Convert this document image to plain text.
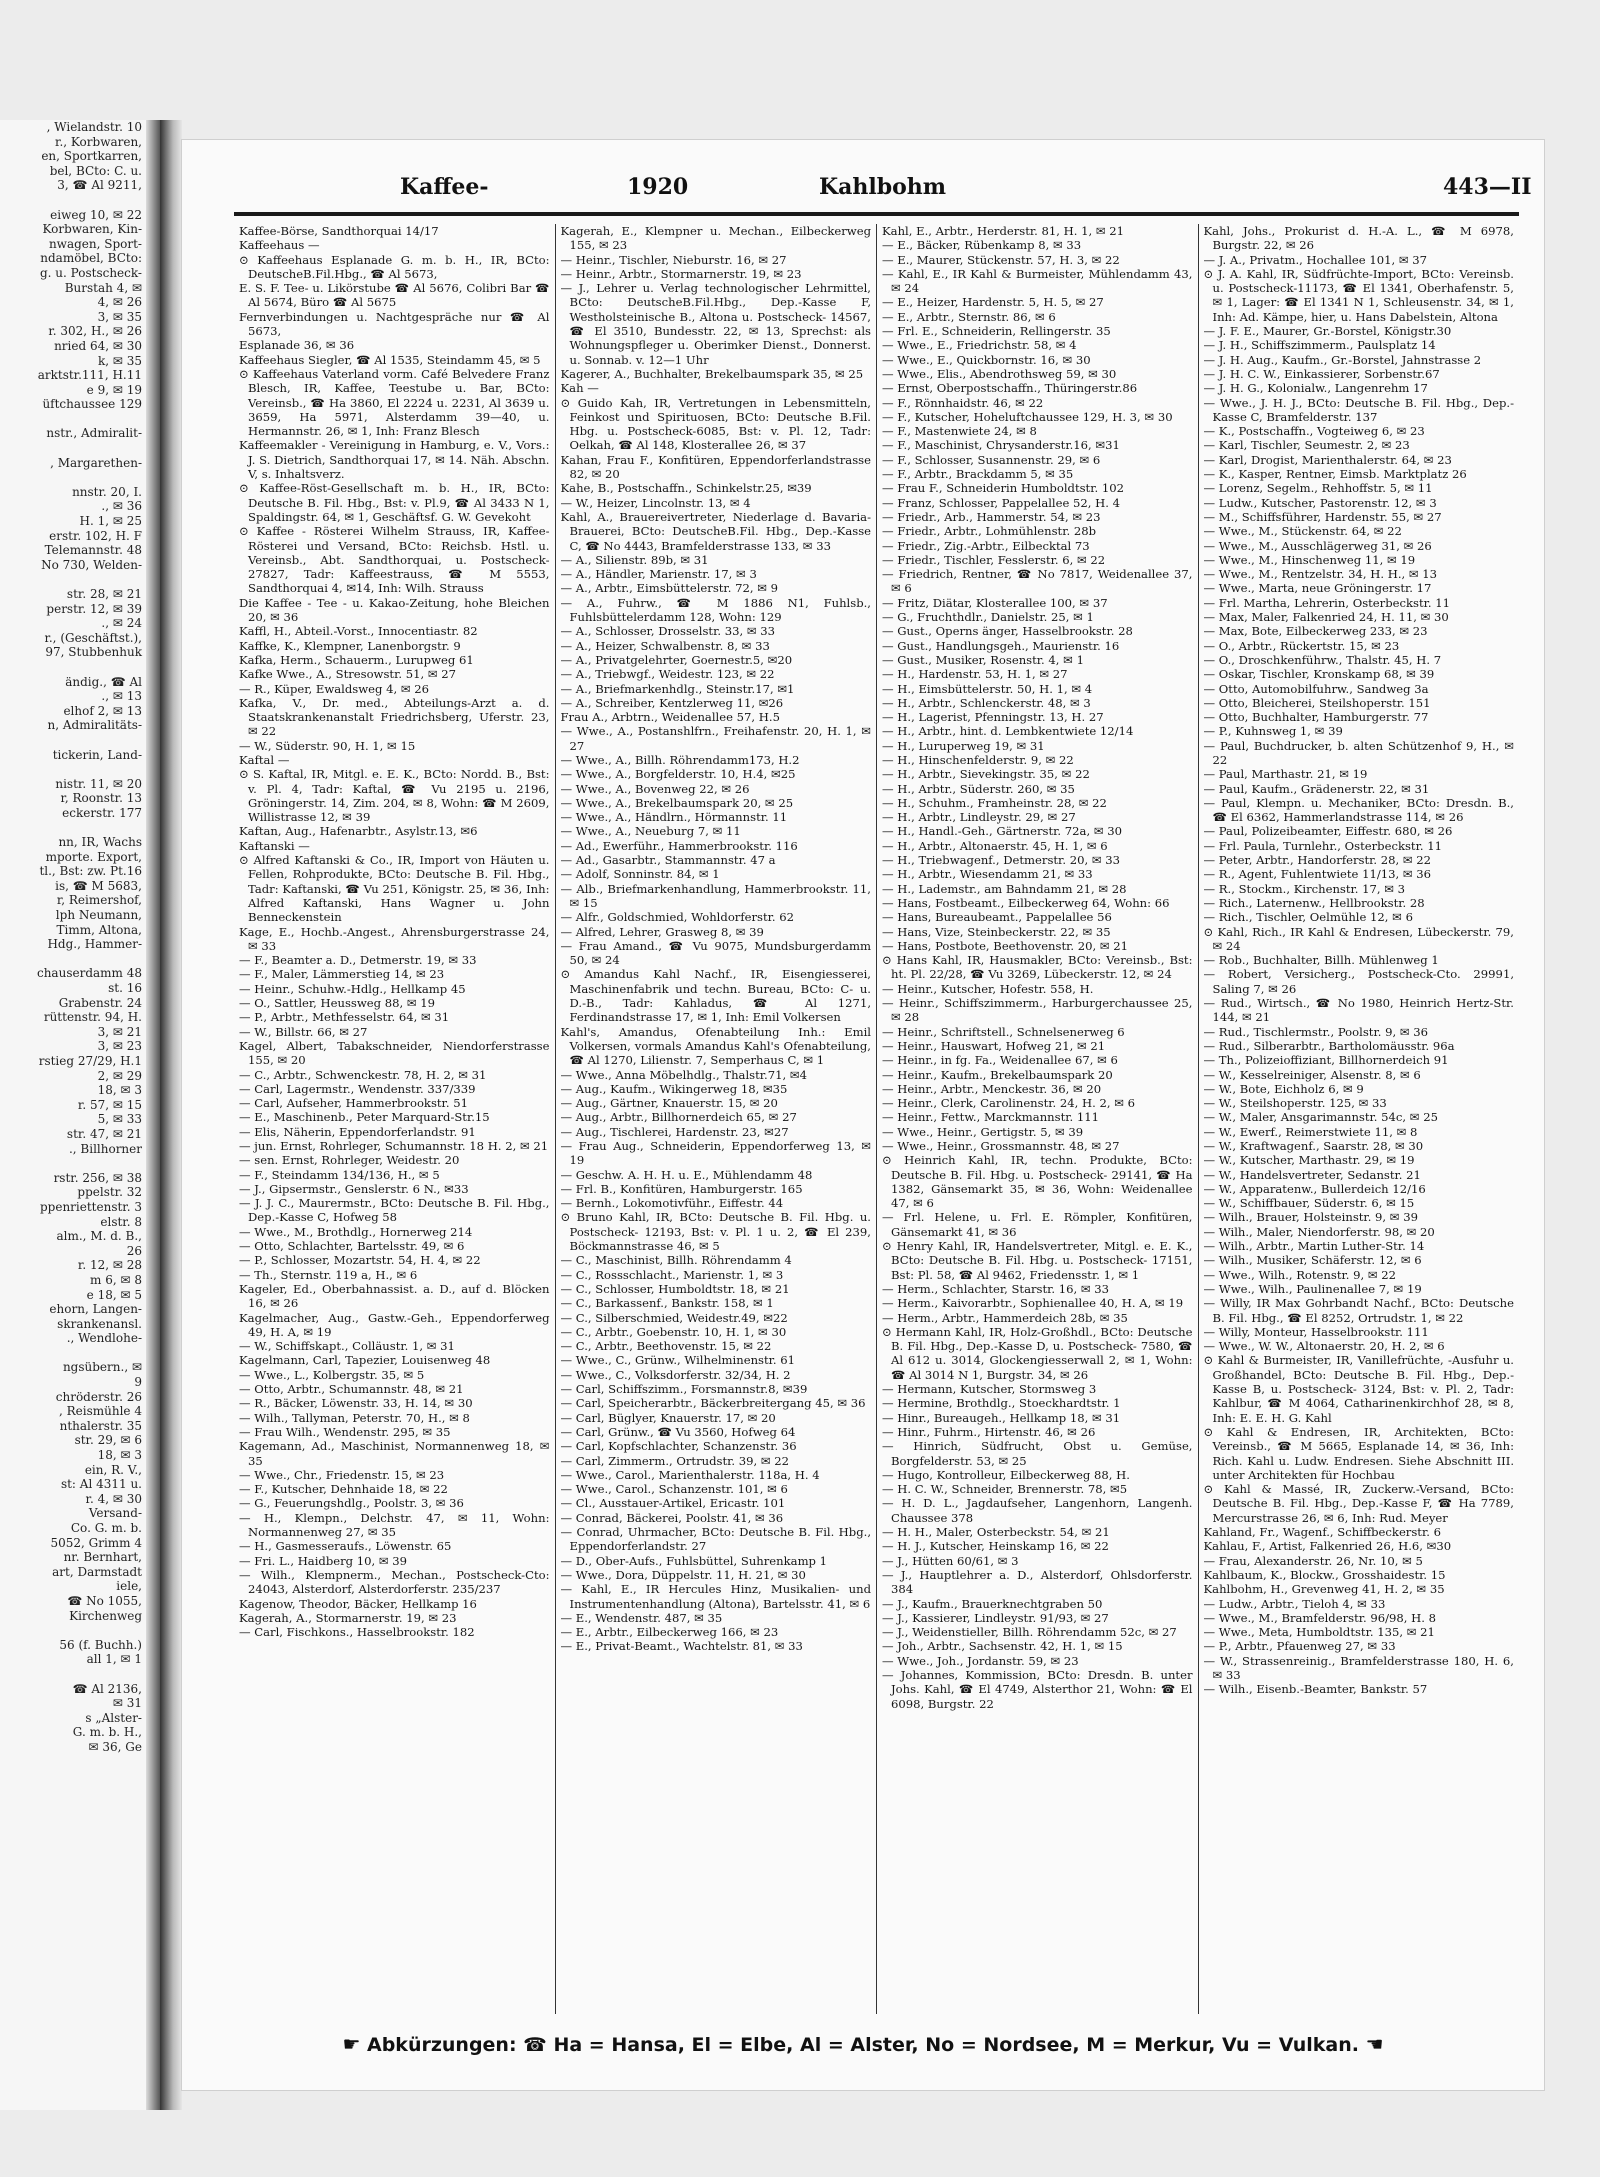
, Wielandstr. 10
r., Korbwaren,
en, Sportkarren,
bel, BCto: C. u.
3, ☎ Al 9211,

eiweg 10, ✉ 22
Korbwaren, Kin-
nwagen, Sport-
ndamöbel, BCto:
g. u. Postscheck-
Burstah 4, ✉
4, ✉ 26
3, ✉ 35
r. 302, H., ✉ 26
nried 64, ✉ 30
k, ✉ 35
arktstr.111, H.11
e 9, ✉ 19
üftchaussee 129

nstr., Admiralit-

, Margarethen-

nnstr. 20, I.
., ✉ 36
H. 1, ✉ 25
erstr. 102, H. F
Telemannstr. 48
No 730, Welden-

str. 28, ✉ 21
perstr. 12, ✉ 39
., ✉ 24
r., (Geschäftst.),
97, Stubbenhuk

ändig., ☎ Al
., ✉ 13
elhof 2, ✉ 13
n, Admiralitäts-

tickerin, Land-

nistr. 11, ✉ 20
r, Roonstr. 13
eckerstr. 177

nn, IR, Wachs
mporte. Export,
tl., Bst: zw. Pt.16
is, ☎ M 5683,
r, Reimershof,
lph Neumann,
Timm, Altona,
Hdg., Hammer-

chauserdamm 48
st. 16
Grabenstr. 24
rüttenstr. 94, H.
3, ✉ 21
3, ✉ 23
rstieg 27/29, H.1
2, ✉ 29
18, ✉ 3
r. 57, ✉ 15
5, ✉ 33
str. 47, ✉ 21
., Billhorner

rstr. 256, ✉ 38
ppelstr. 32
ppenriettenstr. 3
elstr. 8
alm., M. d. B.,
26
r. 12, ✉ 28
m 6, ✉ 8
e 18, ✉ 5
ehorn, Langen-
skrankenansl.
., Wendlohe-

ngsübern., ✉
9
chröderstr. 26
, Reismühle 4
nthalerstr. 35
str. 29, ✉ 6
18, ✉ 3
ein, R. V.,
st: Al 4311 u.
r. 4, ✉ 30
Versand-
Co. G. m. b.
5052, Grimm 4
nr. Bernhart,
art, Darmstadt
iele,
☎ No 1055,
Kirchenweg

56 (f. Buchh.)
all 1, ✉ 1

☎ Al 2136,
✉ 31
s „Alster-
G. m. b. H.,
✉ 36, Ge
Kaffee-	1920	Kahlbohm	443—II

Kaffee-Börse, Sandthorquai 14/17

Kaffeehaus —

⊙ Kaffeehaus Esplanade G. m. b. H., IR, BCto: DeutscheB.Fil.Hbg., ☎ Al 5673,

E. S. F. Tee- u. Likörstube ☎ Al 5676, Colibri Bar ☎ Al 5674, Büro ☎ Al 5675

Fernverbindungen u. Nachtgespräche nur ☎ Al 5673,

Esplanade 36, ✉ 36

Kaffeehaus Siegler, ☎ Al 1535, Steindamm 45, ✉ 5

⊙ Kaffeehaus Vaterland vorm. Café Belvedere Franz Blesch, IR, Kaffee, Teestube u. Bar, BCto: Vereinsb., ☎ Ha 3860, El 2224 u. 2231, Al 3639 u. 3659, Ha 5971, Alsterdamm 39—40, u. Hermannstr. 26, ✉ 1, Inh: Franz Blesch

Kaffeemakler - Vereinigung in Hamburg, e. V., Vors.: J. S. Dietrich, Sandthorquai 17, ✉ 14. Näh. Abschn. V, s. Inhaltsverz.

⊙ Kaffee-Röst-Gesellschaft m. b. H., IR, BCto: Deutsche B. Fil. Hbg., Bst: v. Pl.9, ☎ Al 3433 N 1, Spaldingstr. 64, ✉ 1, Geschäftsf. G. W. Gevekoht

⊙ Kaffee - Rösterei Wilhelm Strauss, IR, Kaffee-Rösterei und Versand, BCto: Reichsb. Hstl. u. Vereinsb., Abt. Sandthorquai, u. Postscheck-27827, Tadr: Kaffeestrauss, ☎ M 5553, Sandthorquai 4, ✉14, Inh: Wilh. Strauss

Die Kaffee - Tee - u. Kakao-Zeitung, hohe Bleichen 20, ✉ 36

Kaffl, H., Abteil.-Vorst., Innocentiastr. 82

Kaffke, K., Klempner, Lanenborgstr. 9

Kafka, Herm., Schauerm., Lurupweg 61

Kafke Wwe., A., Stresowstr. 51, ✉ 27

— R., Küper, Ewaldsweg 4, ✉ 26

Kafka, V., Dr. med., Abteilungs-Arzt a. d. Staatskrankenanstalt Friedrichsberg, Uferstr. 23, ✉ 22

— W., Süderstr. 90, H. 1, ✉ 15

Kaftal —

⊙ S. Kaftal, IR, Mitgl. e. E. K., BCto: Nordd. B., Bst: v. Pl. 4, Tadr: Kaftal, ☎ Vu 2195 u. 2196, Gröningerstr. 14, Zim. 204, ✉ 8, Wohn: ☎ M 2609, Willistrasse 12, ✉ 39

Kaftan, Aug., Hafenarbtr., Asylstr.13, ✉6

Kaftanski —

⊙ Alfred Kaftanski & Co., IR, Import von Häuten u. Fellen, Rohprodukte, BCto: Deutsche B. Fil. Hbg., Tadr: Kaftanski, ☎ Vu 251, Königstr. 25, ✉ 36, Inh: Alfred Kaftanski, Hans Wagner u. John Benneckenstein

Kage, E., Hochb.-Angest., Ahrensburgerstrasse 24, ✉ 33

— F., Beamter a. D., Detmerstr. 19, ✉ 33

— F., Maler, Lämmerstieg 14, ✉ 23

— Heinr., Schuhw.-Hdlg., Hellkamp 45

— O., Sattler, Heussweg 88, ✉ 19

— P., Arbtr., Methfesselstr. 64, ✉ 31

— W., Billstr. 66, ✉ 27

Kagel, Albert, Tabakschneider, Niendorferstrasse 155, ✉ 20

— C., Arbtr., Schwenckestr. 78, H. 2, ✉ 31

— Carl, Lagermstr., Wendenstr. 337/339

— Carl, Aufseher, Hammerbrookstr. 51

— E., Maschinenb., Peter Marquard-Str.15

— Elis, Näherin, Eppendorferlandstr. 91

— jun. Ernst, Rohrleger, Schumannstr. 18 H. 2, ✉ 21

— sen. Ernst, Rohrleger, Weidestr. 20

— F., Steindamm 134/136, H., ✉ 5

— J., Gipsermstr., Genslerstr. 6 N., ✉33

— J. J. C., Maurermstr., BCto: Deutsche B. Fil. Hbg., Dep.-Kasse C, Hofweg 58

— Wwe., M., Brothdlg., Hornerweg 214

— Otto, Schlachter, Bartelsstr. 49, ✉ 6

— P., Schlosser, Mozartstr. 54, H. 4, ✉ 22

— Th., Sternstr. 119 a, H., ✉ 6

Kageler, Ed., Oberbahnassist. a. D., auf d. Blöcken 16, ✉ 26

Kagelmacher, Aug., Gastw.-Geh., Eppendorferweg 49, H. A, ✉ 19

— W., Schiffskapt., Colläustr. 1, ✉ 31

Kagelmann, Carl, Tapezier, Louisenweg 48

— Wwe., L., Kolbergstr. 35, ✉ 5

— Otto, Arbtr., Schumannstr. 48, ✉ 21

— R., Bäcker, Löwenstr. 33, H. 14, ✉ 30

— Wilh., Tallyman, Peterstr. 70, H., ✉ 8

— Frau Wilh., Wendenstr. 295, ✉ 35

Kagemann, Ad., Maschinist, Normannenweg 18, ✉ 35

— Wwe., Chr., Friedenstr. 15, ✉ 23

— F., Kutscher, Dehnhaide 18, ✉ 22

— G., Feuerungshdlg., Poolstr. 3, ✉ 36

— H., Klempn., Delchstr. 47, ✉ 11, Wohn: Normannenweg 27, ✉ 35

— H., Gasmesseraufs., Löwenstr. 65

— Fri. L., Haidberg 10, ✉ 39

— Wilh., Klempnerm., Mechan., Postscheck-Cto: 24043, Alsterdorf, Alsterdorferstr. 235/237

Kagenow, Theodor, Bäcker, Hellkamp 16

Kagerah, A., Stormarnerstr. 19, ✉ 23

— Carl, Fischkons., Hasselbrookstr. 182

Kagerah, E., Klempner u. Mechan., Eilbeckerweg 155, ✉ 23

— Heinr., Tischler, Nieburstr. 16, ✉ 27

— Heinr., Arbtr., Stormarnerstr. 19, ✉ 23

— J., Lehrer u. Verlag technologischer Lehrmittel, BCto: DeutscheB.Fil.Hbg., Dep.-Kasse F, Westholsteinische B., Altona u. Postscheck- 14567, ☎ El 3510, Bundesstr. 22, ✉ 13, Sprechst: als Wohnungspfleger u. Oberimker Dienst., Donnerst. u. Sonnab. v. 12—1 Uhr

Kagerer, A., Buchhalter, Brekelbaumspark 35, ✉ 25

Kah —

⊙ Guido Kah, IR, Vertretungen in Lebensmitteln, Feinkost und Spirituosen, BCto: Deutsche B.Fil. Hbg. u. Postscheck-6085, Bst: v. Pl. 12, Tadr: Oelkah, ☎ Al 148, Klosterallee 26, ✉ 37

Kahan, Frau F., Konfitüren, Eppendorferlandstrasse 82, ✉ 20

Kahe, B., Postschaffn., Schinkelstr.25, ✉39

— W., Heizer, Lincolnstr. 13, ✉ 4

Kahl, A., Brauereivertreter, Niederlage d. Bavaria-Brauerei, BCto: DeutscheB.Fil. Hbg., Dep.-Kasse C, ☎ No 4443, Bramfelderstrasse 133, ✉ 33

— A., Silienstr. 89b, ✉ 31

— A., Händler, Marienstr. 17, ✉ 3

— A., Arbtr., Eimsbüttelerstr. 72, ✉ 9

— A., Fuhrw., ☎ M 1886 N1, Fuhlsb., Fuhlsbüttelerdamm 128, Wohn: 129

— A., Schlosser, Drosselstr. 33, ✉ 33

— A., Heizer, Schwalbenstr. 8, ✉ 33

— A., Privatgelehrter, Goernestr.5, ✉20

— A., Triebwgf., Weidestr. 123, ✉ 22

— A., Briefmarkenhdlg., Steinstr.17, ✉1

— A., Schreiber, Kentzlerweg 11, ✉26

Frau A., Arbtrn., Weidenallee 57, H.5

— Wwe., A., Postanshlfrn., Freihafenstr. 20, H. 1, ✉ 27

— Wwe., A., Billh. Röhrendamm173, H.2

— Wwe., A., Borgfelderstr. 10, H.4, ✉25

— Wwe., A., Bovenweg 22, ✉ 26

— Wwe., A., Brekelbaumspark 20, ✉ 25

— Wwe., A., Händlrn., Hörmannstr. 11

— Wwe., A., Neueburg 7, ✉ 11

— Ad., Ewerführ., Hammerbrookstr. 116

— Ad., Gasarbtr., Stammannstr. 47 a

— Adolf, Sonninstr. 84, ✉ 1

— Alb., Briefmarkenhandlung, Hammerbrookstr. 11, ✉ 15

— Alfr., Goldschmied, Wohldorferstr. 62

— Alfred, Lehrer, Grasweg 8, ✉ 39

— Frau Amand., ☎ Vu 9075, Mundsburgerdamm 50, ✉ 24

⊙ Amandus Kahl Nachf., IR, Eisengiesserei, Maschinenfabrik und techn. Bureau, BCto: C- u. D.-B., Tadr: Kahladus, ☎ Al 1271, Ferdinandstrasse 17, ✉ 1, Inh: Emil Volkersen

Kahl's, Amandus, Ofenabteilung Inh.: Emil Volkersen, vormals Amandus Kahl's Ofenabteilung, ☎ Al 1270, Lilienstr. 7, Semperhaus C, ✉ 1

— Wwe., Anna Möbelhdlg., Thalstr.71, ✉4

— Aug., Kaufm., Wikingerweg 18, ✉35

— Aug., Gärtner, Knauerstr. 15, ✉ 20

— Aug., Arbtr., Billhornerdeich 65, ✉ 27

— Aug., Tischlerei, Hardenstr. 23, ✉27

— Frau Aug., Schneiderin, Eppendorferweg 13, ✉ 19

— Geschw. A. H. H. u. E., Mühlendamm 48

— Frl. B., Konfitüren, Hamburgerstr. 165

— Bernh., Lokomotivführ., Eiffestr. 44

⊙ Bruno Kahl, IR, BCto: Deutsche B. Fil. Hbg. u. Postscheck- 12193, Bst: v. Pl. 1 u. 2, ☎ El 239, Böckmannstrasse 46, ✉ 5

— C., Maschinist, Billh. Röhrendamm 4

— C., Rossschlacht., Marienstr. 1, ✉ 3

— C., Schlosser, Humboldtstr. 18, ✉ 21

— C., Barkassenf., Bankstr. 158, ✉ 1

— C., Silberschmied, Weidestr.49, ✉22

— C., Arbtr., Goebenstr. 10, H. 1, ✉ 30

— C., Arbtr., Beethovenstr. 15, ✉ 22

— Wwe., C., Grünw., Wilhelminenstr. 61

— Wwe., C., Volksdorferstr. 32/34, H. 2

— Carl, Schiffszimm., Forsmannstr.8, ✉39

— Carl, Speicherarbtr., Bäckerbreitergang 45, ✉ 36

— Carl, Büglyer, Knauerstr. 17, ✉ 20

— Carl, Grünw., ☎ Vu 3560, Hofweg 64

— Carl, Kopfschlachter, Schanzenstr. 36

— Carl, Zimmerm., Ortrudstr. 39, ✉ 22

— Wwe., Carol., Marienthalerstr. 118a, H. 4

— Wwe., Carol., Schanzenstr. 101, ✉ 6

— Cl., Ausstauer-Artikel, Ericastr. 101

— Conrad, Bäckerei, Poolstr. 41, ✉ 36

— Conrad, Uhrmacher, BCto: Deutsche B. Fil. Hbg., Eppendorferlandstr. 27

— D., Ober-Aufs., Fuhlsbüttel, Suhrenkamp 1

— Wwe., Dora, Düppelstr. 11, H. 21, ✉ 30

— Kahl, E., IR Hercules Hinz, Musikalien- und Instrumentenhandlung (Altona), Bartelsstr. 41, ✉ 6

— E., Wendenstr. 487, ✉ 35

— E., Arbtr., Eilbeckerweg 166, ✉ 23

— E., Privat-Beamt., Wachtelstr. 81, ✉ 33

Kahl, E., Arbtr., Herderstr. 81, H. 1, ✉ 21

— E., Bäcker, Rübenkamp 8, ✉ 33

— E., Maurer, Stückenstr. 57, H. 3, ✉ 22

— Kahl, E., IR Kahl & Burmeister, Mühlendamm 43, ✉ 24

— E., Heizer, Hardenstr. 5, H. 5, ✉ 27

— E., Arbtr., Sternstr. 86, ✉ 6

— Frl. E., Schneiderin, Rellingerstr. 35

— Wwe., E., Friedrichstr. 58, ✉ 4

— Wwe., E., Quickbornstr. 16, ✉ 30

— Wwe., Elis., Abendrothsweg 59, ✉ 30

— Ernst, Oberpostschaffn., Thüringerstr.86

— F., Rönnhaidstr. 46, ✉ 22

— F., Kutscher, Hoheluftchaussee 129, H. 3, ✉ 30

— F., Mastenwiete 24, ✉ 8

— F., Maschinist, Chrysanderstr.16, ✉31

— F., Schlosser, Susannenstr. 29, ✉ 6

— F., Arbtr., Brackdamm 5, ✉ 35

— Frau F., Schneiderin Humboldtstr. 102

— Franz, Schlosser, Pappelallee 52, H. 4

— Friedr., Arb., Hammerstr. 54, ✉ 23

— Friedr., Arbtr., Lohmühlenstr. 28b

— Friedr., Zig.-Arbtr., Eilbecktal 73

— Friedr., Tischler, Fesslerstr. 6, ✉ 22

— Friedrich, Rentner, ☎ No 7817, Weidenallee 37, ✉ 6

— Fritz, Diätar, Klosterallee 100, ✉ 37

— G., Fruchthdlr., Danielstr. 25, ✉ 1

— Gust., Operns änger, Hasselbrookstr. 28

— Gust., Handlungsgeh., Maurienstr. 16

— Gust., Musiker, Rosenstr. 4, ✉ 1

— H., Hardenstr. 53, H. 1, ✉ 27

— H., Eimsbüttelerstr. 50, H. 1, ✉ 4

— H., Arbtr., Schlenckerstr. 48, ✉ 3

— H., Lagerist, Pfenningstr. 13, H. 27

— H., Arbtr., hint. d. Lembkentwiete 12/14

— H., Luruperweg 19, ✉ 31

— H., Hinschenfelderstr. 9, ✉ 22

— H., Arbtr., Sievekingstr. 35, ✉ 22

— H., Arbtr., Süderstr. 260, ✉ 35

— H., Schuhm., Framheinstr. 28, ✉ 22

— H., Arbtr., Lindleystr. 29, ✉ 27

— H., Handl.-Geh., Gärtnerstr. 72a, ✉ 30

— H., Arbtr., Altonaerstr. 45, H. 1, ✉ 6

— H., Triebwagenf., Detmerstr. 20, ✉ 33

— H., Arbtr., Wiesendamm 21, ✉ 33

— H., Lademstr., am Bahndamm 21, ✉ 28

— Hans, Fostbeamt., Eilbeckerweg 64, Wohn: 66

— Hans, Bureaubeamt., Pappelallee 56

— Hans, Vize, Steinbeckerstr. 22, ✉ 35

— Hans, Postbote, Beethovenstr. 20, ✉ 21

⊙ Hans Kahl, IR, Hausmakler, BCto: Vereinsb., Bst: ht. Pl. 22/28, ☎ Vu 3269, Lübeckerstr. 12, ✉ 24

— Heinr., Kutscher, Hofestr. 558, H.

— Heinr., Schiffszimmerm., Harburgerchaussee 25, ✉ 28

— Heinr., Schriftstell., Schnelsenerweg 6

— Heinr., Hauswart, Hofweg 21, ✉ 21

— Heinr., in fg. Fa., Weidenallee 67, ✉ 6

— Heinr., Kaufm., Brekelbaumspark 20

— Heinr., Arbtr., Menckestr. 36, ✉ 20

— Heinr., Clerk, Carolinenstr. 24, H. 2, ✉ 6

— Heinr., Fettw., Marckmannstr. 111

— Wwe., Heinr., Gertigstr. 5, ✉ 39

— Wwe., Heinr., Grossmannstr. 48, ✉ 27

⊙ Heinrich Kahl, IR, techn. Produkte, BCto: Deutsche B. Fil. Hbg. u. Postscheck- 29141, ☎ Ha 1382, Gänsemarkt 35, ✉ 36, Wohn: Weidenallee 47, ✉ 6

— Frl. Helene, u. Frl. E. Römpler, Konfitüren, Gänsemarkt 41, ✉ 36

⊙ Henry Kahl, IR, Handelsvertreter, Mitgl. e. E. K., BCto: Deutsche B. Fil. Hbg. u. Postscheck- 17151, Bst: Pl. 58, ☎ Al 9462, Friedensstr. 1, ✉ 1

— Herm., Schlachter, Starstr. 16, ✉ 33

— Herm., Kaivorarbtr., Sophienallee 40, H. A, ✉ 19

— Herm., Arbtr., Hammerdeich 28b, ✉ 35

⊙ Hermann Kahl, IR, Holz-Großhdl., BCto: Deutsche B. Fil. Hbg., Dep.-Kasse D, u. Postscheck- 7580, ☎ Al 612 u. 3014, Glockengiesserwall 2, ✉ 1, Wohn: ☎ Al 3014 N 1, Burgstr. 34, ✉ 26

— Hermann, Kutscher, Stormsweg 3

— Hermine, Brothdlg., Stoeckhardtstr. 1

— Hinr., Bureaugeh., Hellkamp 18, ✉ 31

— Hinr., Fuhrm., Hirtenstr. 46, ✉ 26

— Hinrich, Südfrucht, Obst u. Gemüse, Borgfelderstr. 53, ✉ 25

— Hugo, Kontrolleur, Eilbeckerweg 88, H.

— H. C. W., Schneider, Brennerstr. 78, ✉5

— H. D. L., Jagdaufseher, Langenhorn, Langenh. Chaussee 378

— H. H., Maler, Osterbeckstr. 54, ✉ 21

— H. J., Kutscher, Heinskamp 16, ✉ 22

— J., Hütten 60/61, ✉ 3

— J., Hauptlehrer a. D., Alsterdorf, Ohlsdorferstr. 384

— J., Kaufm., Brauerknechtgraben 50

— J., Kassierer, Lindleystr. 91/93, ✉ 27

— J., Weidenstieller, Billh. Röhrendamm 52c, ✉ 27

— Joh., Arbtr., Sachsenstr. 42, H. 1, ✉ 15

— Wwe., Joh., Jordanstr. 59, ✉ 23

— Johannes, Kommission, BCto: Dresdn. B. unter Johs. Kahl, ☎ El 4749, Alsterthor 21, Wohn: ☎ El 6098, Burgstr. 22

Kahl, Johs., Prokurist d. H.-A. L., ☎ M 6978, Burgstr. 22, ✉ 26

— J. A., Privatm., Hochallee 101, ✉ 37

⊙ J. A. Kahl, IR, Südfrüchte-Import, BCto: Vereinsb. u. Postscheck-11173, ☎ El 1341, Oberhafenstr. 5, ✉ 1, Lager: ☎ El 1341 N 1, Schleusenstr. 34, ✉ 1, Inh: Ad. Kämpe, hier, u. Hans Dabelstein, Altona

— J. F. E., Maurer, Gr.-Borstel, Königstr.30

— J. H., Schiffszimmerm., Paulsplatz 14

— J. H. Aug., Kaufm., Gr.-Borstel, Jahnstrasse 2

— J. H. C. W., Einkassierer, Sorbenstr.67

— J. H. G., Kolonialw., Langenrehm 17

— Wwe., J. H. J., BCto: Deutsche B. Fil. Hbg., Dep.-Kasse C, Bramfelderstr. 137

— K., Postschaffn., Vogteiweg 6, ✉ 23

— Karl, Tischler, Seumestr. 2, ✉ 23

— Karl, Drogist, Marienthalerstr. 64, ✉ 23

— K., Kasper, Rentner, Eimsb. Marktplatz 26

— Lorenz, Segelm., Rehhoffstr. 5, ✉ 11

— Ludw., Kutscher, Pastorenstr. 12, ✉ 3

— M., Schiffsführer, Hardenstr. 55, ✉ 27

— Wwe., M., Stückenstr. 64, ✉ 22

— Wwe., M., Ausschlägerweg 31, ✉ 26

— Wwe., M., Hinschenweg 11, ✉ 19

— Wwe., M., Rentzelstr. 34, H. H., ✉ 13

— Wwe., Marta, neue Gröningerstr. 17

— Frl. Martha, Lehrerin, Osterbeckstr. 11

— Max, Maler, Falkenried 24, H. 11, ✉ 30

— Max, Bote, Eilbeckerweg 233, ✉ 23

— O., Arbtr., Rückertstr. 15, ✉ 23

— O., Droschkenführw., Thalstr. 45, H. 7

— Oskar, Tischler, Kronskamp 68, ✉ 39

— Otto, Automobilfuhrw., Sandweg 3a

— Otto, Bleicherei, Steilshoperstr. 151

— Otto, Buchhalter, Hamburgerstr. 77

— P., Kuhnsweg 1, ✉ 39

— Paul, Buchdrucker, b. alten Schützenhof 9, H., ✉ 22

— Paul, Marthastr. 21, ✉ 19

— Paul, Kaufm., Grädenerstr. 22, ✉ 31

— Paul, Klempn. u. Mechaniker, BCto: Dresdn. B., ☎ El 6362, Hammerlandstrasse 114, ✉ 26

— Paul, Polizeibeamter, Eiffestr. 680, ✉ 26

— Frl. Paula, Turnlehr., Osterbeckstr. 11

— Peter, Arbtr., Handorferstr. 28, ✉ 22

— R., Agent, Fuhlentwiete 11/13, ✉ 36

— R., Stockm., Kirchenstr. 17, ✉ 3

— Rich., Laternenw., Hellbrookstr. 28

— Rich., Tischler, Oelmühle 12, ✉ 6

⊙ Kahl, Rich., IR Kahl & Endresen, Lübeckerstr. 79, ✉ 24

— Rob., Buchhalter, Billh. Mühlenweg 1

— Robert, Versicherg., Postscheck-Cto. 29991, Saling 7, ✉ 26

— Rud., Wirtsch., ☎ No 1980, Heinrich Hertz-Str. 144, ✉ 21

— Rud., Tischlermstr., Poolstr. 9, ✉ 36

— Rud., Silberarbtr., Bartholomäusstr. 96a

— Th., Polizeioffiziant, Billhornerdeich 91

— W., Kesselreiniger, Alsenstr. 8, ✉ 6

— W., Bote, Eichholz 6, ✉ 9

— W., Steilshoperstr. 125, ✉ 33

— W., Maler, Ansgarimannstr. 54c, ✉ 25

— W., Ewerf., Reimerstwiete 11, ✉ 8

— W., Kraftwagenf., Saarstr. 28, ✉ 30

— W., Kutscher, Marthastr. 29, ✉ 19

— W., Handelsvertreter, Sedanstr. 21

— W., Apparatenw., Bullerdeich 12/16

— W., Schiffbauer, Süderstr. 6, ✉ 15

— Wilh., Brauer, Holsteinstr. 9, ✉ 39

— Wilh., Maler, Niendorferstr. 98, ✉ 20

— Wilh., Arbtr., Martin Luther-Str. 14

— Wilh., Musiker, Schäferstr. 12, ✉ 6

— Wwe., Wilh., Rotenstr. 9, ✉ 22

— Wwe., Wilh., Paulinenallee 7, ✉ 19

— Willy, IR Max Gohrbandt Nachf., BCto: Deutsche B. Fil. Hbg., ☎ El 8252, Ortrudstr. 1, ✉ 22

— Willy, Monteur, Hasselbrookstr. 111

— Wwe., W. W., Altonaerstr. 20, H. 2, ✉ 6

⊙ Kahl & Burmeister, IR, Vanillefrüchte, -Ausfuhr u. Großhandel, BCto: Deutsche B. Fil. Hbg., Dep.-Kasse B, u. Postscheck- 3124, Bst: v. Pl. 2, Tadr: Kahlbur, ☎ M 4064, Catharinenkirchhof 28, ✉ 8, Inh: E. E. H. G. Kahl

⊙ Kahl & Endresen, IR, Architekten, BCto: Vereinsb., ☎ M 5665, Esplanade 14, ✉ 36, Inh: Rich. Kahl u. Ludw. Endresen. Siehe Abschnitt III. unter Architekten für Hochbau

⊙ Kahl & Massé, IR, Zuckerw.-Versand, BCto: Deutsche B. Fil. Hbg., Dep.-Kasse F, ☎ Ha 7789, Mercurstrasse 26, ✉ 6, Inh: Rud. Meyer

Kahland, Fr., Wagenf., Schiffbeckerstr. 6

Kahlau, F., Artist, Falkenried 26, H.6, ✉30

— Frau, Alexanderstr. 26, Nr. 10, ✉ 5

Kahlbaum, K., Blockw., Grosshaidestr. 15

Kahlbohm, H., Grevenweg 41, H. 2, ✉ 35

— Ludw., Arbtr., Tieloh 4, ✉ 33

— Wwe., M., Bramfelderstr. 96/98, H. 8

— Wwe., Meta, Humboldtstr. 135, ✉ 21

— P., Arbtr., Pfauenweg 27, ✉ 33

— W., Strassenreinig., Bramfelderstrasse 180, H. 6, ✉ 33

— Wilh., Eisenb.-Beamter, Bankstr. 57

☛ Abkürzungen: ☎ Ha = Hansa, El = Elbe, Al = Alster, No = Nordsee, M = Merkur, Vu = Vulkan. ☚
